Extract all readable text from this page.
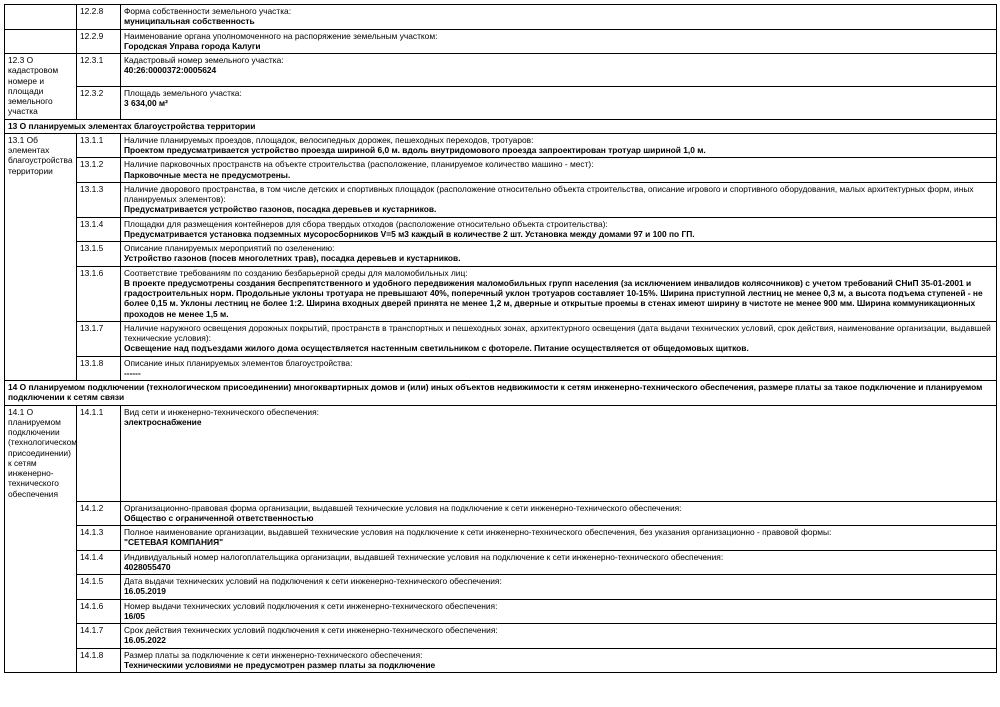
	12.2.8	Форма собственности земельного участка:
муниципальная собственность

	12.2.9	Наименование органа уполномоченного на распоряжение земельным участком:
Городская Управа города Калуги

12.3 О кадастровом номере и площади земельного участка	12.3.1	Кадастровый номер земельного участка:
40:26:0000372:0005624

	12.3.2	Площадь земельного участка:
3 634,00 м²

13 О планируемых элементах благоустройства территории		
13.1 Об элементах благоустройства территории	13.1.1	Наличие планируемых проездов, площадок, велосипедных дорожек, пешеходных переходов, тротуаров:
Проектом предусматривается устройство проезда шириной 6,0 м. вдоль внутридомового проезда запроектирован тротуар шириной 1,0 м.

	13.1.2	Наличие парковочных пространств на объекте строительства (расположение, планируемое количество машино - мест):
Парковочные места не предусмотрены.

	13.1.3	Наличие дворового пространства, в том числе детских и спортивных площадок (расположение относительно объекта строительства, описание игрового и спортивного оборудования, малых архитектурных форм, иных планируемых элементов):
Предусматривается устройство газонов, посадка деревьев и кустарников.

	13.1.4	Площадки для размещения контейнеров для сбора твердых отходов (расположение относительно объекта строительства):
Предусматривается установка подземных мусоросборников V=5 м3 каждый в количестве 2 шт. Установка между домами 97 и 100 по ГП.

	13.1.5	Описание планируемых мероприятий по озеленению:
Устройство газонов (посев многолетних трав), посадка деревьев и кустарников.

	13.1.6	Соответствие требованиям по созданию безбарьерной среды для маломобильных лиц:
В проекте предусмотрены создания беспрепятственного и удобного передвижения маломобильных групп населения (за исключением инвалидов колясочников) с учетом требований СНиП 35-01-2001 и градостроительных норм. Продольные уклоны тротуара не превышают 40%, поперечный уклон тротуаров составляет 10-15%. Ширина приступной лестниц не менее 0,3 м, а высота подъема ступеней - не более 0,15 м. Уклоны лестниц не более 1:2. Ширина входных дверей принята не менее 1,2 м, дверные и открытые проемы в стенах имеют ширину в чистоте не менее 900 мм. Ширина коммуникационных проходов не менее 1,5 м.

	13.1.7	Наличие наружного освещения дорожных покрытий, пространств в транспортных и пешеходных зонах, архитектурного освещения (дата выдачи технических условий, срок действия, наименование организации, выдавшей технические условия):
Освещение над подъездами жилого дома осуществляется настенным светильником с фотореле. Питание осуществляется от общедомовых щитков.

	13.1.8	Описание иных планируемых элементов благоустройства:
------

14 О планируемом подключении (технологическом присоединении) многоквартирных домов и (или) иных объектов недвижимости к сетям инженерно-технического обеспечения, размере платы за такое подключение и планируемом подключении к сетям связи		
14.1 О планируемом подключении (технологическом присоединении) к сетям инженерно-технического обеспечения	14.1.1	Вид сети и инженерно-технического обеспечения:
электроснабжение

	14.1.2	Организационно-правовая форма организации, выдавшей технические условия на подключение к сети инженерно-технического обеспечения:
Общество с ограниченной ответственностью

	14.1.3	Полное наименование организации, выдавшей технические условия на подключение к сети инженерно-технического обеспечения, без указания организационно - правовой формы:
"СЕТЕВАЯ КОМПАНИЯ"

	14.1.4	Индивидуальный номер налогоплательщика организации, выдавшей технические условия на подключение к сети инженерно-технического обеспечения:
4028055470

	14.1.5	Дата выдачи технических условий на подключения к сети инженерно-технического обеспечения:
16.05.2019

	14.1.6	Номер выдачи технических условий подключения к сети инженерно-технического обеспечения:
16/05

	14.1.7	Срок действия технических условий подключения к сети инженерно-технического обеспечения:
16.05.2022

	14.1.8	Размер платы за подключение к сети инженерно-технического обеспечения:
Техническими условиями не предусмотрен размер платы за подключение
